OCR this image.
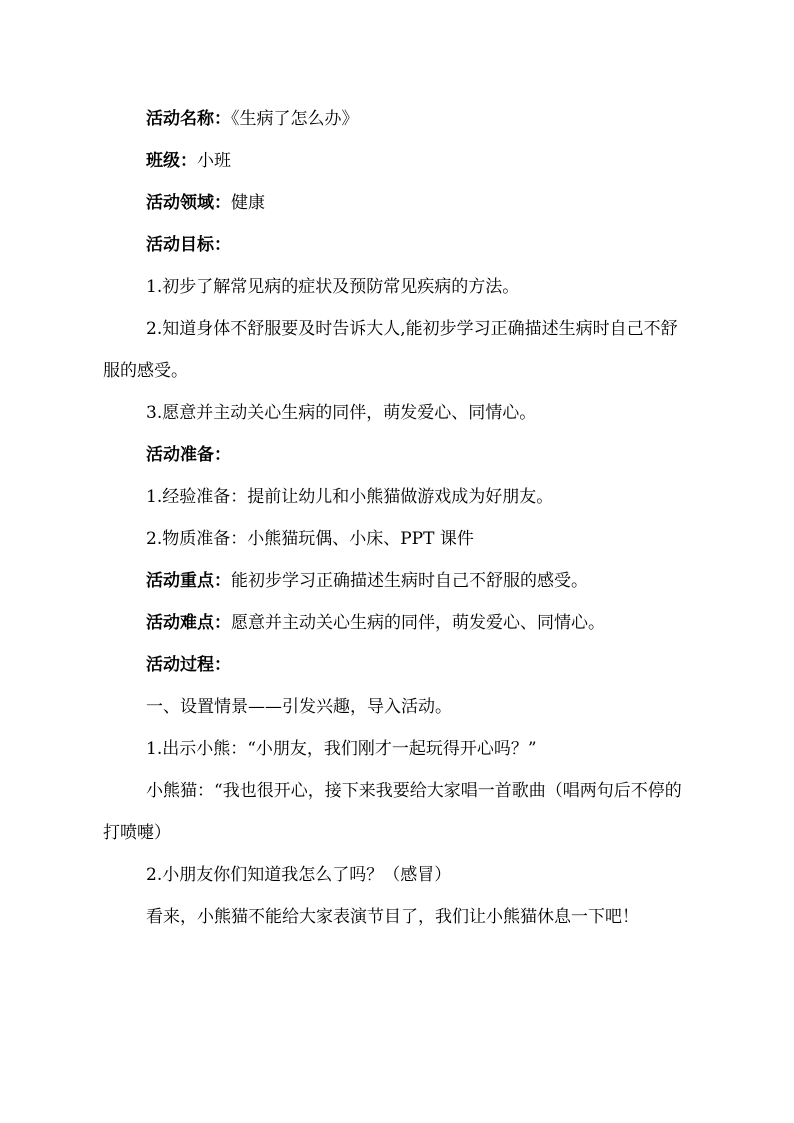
活动名称：《生病了怎么办》

班级：小班

活动领域：健康

活动目标：

1.初步了解常见病的症状及预防常见疾病的方法。

2.知道身体不舒服要及时告诉大人,能初步学习正确描述生病时自己不舒服的感受。

3.愿意并主动关心生病的同伴，萌发爱心、同情心。

活动准备：

1.经验准备：提前让幼儿和小熊猫做游戏成为好朋友。

2.物质准备：小熊猫玩偶、小床、PPT 课件

活动重点：能初步学习正确描述生病时自己不舒服的感受。

活动难点：愿意并主动关心生病的同伴，萌发爱心、同情心。

活动过程：

一、设置情景——引发兴趣，导入活动。

1.出示小熊：“小朋友，我们刚才一起玩得开心吗？”

小熊猫：“我也很开心，接下来我要给大家唱一首歌曲（唱两句后不停的打喷嚏）

2.小朋友你们知道我怎么了吗？（感冒）

看来，小熊猫不能给大家表演节目了，我们让小熊猫休息一下吧！
